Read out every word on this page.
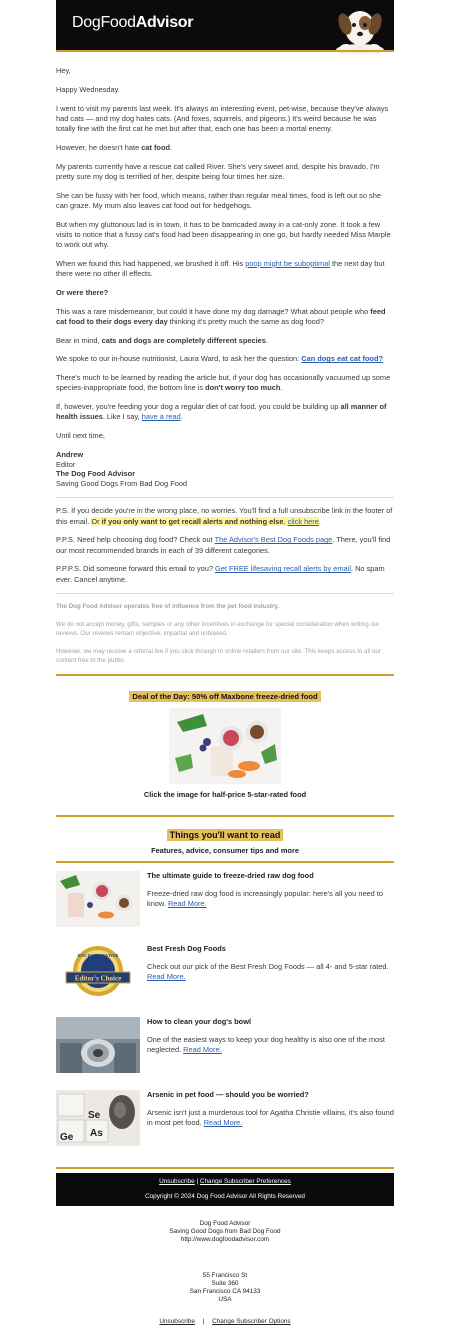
DogFoodAdvisor

Hey,

Happy Wednesday.

I went to visit my parents last week. It's always an interesting event, pet-wise, because they've always had cats — and my dog hates cats. (And foxes, squirrels, and pigeons.) It's weird because he was totally fine with the first cat he met but after that, each one has been a mortal enemy.

However, he doesn't hate cat food.

My parents currently have a rescue cat called River. She's very sweet and, despite his bravado, I'm pretty sure my dog is terrified of her, despite being four times her size.

She can be fussy with her food, which means, rather than regular meal times, food is left out so she can graze. My mum also leaves cat food out for hedgehogs.

But when my gluttonous lad is in town, it has to be barricaded away in a cat-only zone. It took a few visits to notice that a fussy cat's food had been disappearing in one go, but hardly needed Miss Marple to work out why.

When we found this had happened, we brushed it off. His poop might be suboptimal the next day but there were no other ill effects.

Or were there?

This was a rare misdemeanor, but could it have done my dog damage? What about people who feed cat food to their dogs every day thinking it's pretty much the same as dog food?

Bear in mind, cats and dogs are completely different species.

We spoke to our in-house nutritionist, Laura Ward, to ask her the question: Can dogs eat cat food?

There's much to be learned by reading the article but, if your dog has occasionally vacuumed up some species-inappropriate food, the bottom line is don't worry too much.

If, however, you're feeding your dog a regular diet of cat food, you could be building up all manner of health issues. Like I say, have a read.

Until next time,

Andrew
Editor
The Dog Food Advisor
Saving Good Dogs From Bad Dog Food

P.S. If you decide you're in the wrong place, no worries. You'll find a full unsubscribe link in the footer of this email. Or if you only want to get recall alerts and nothing else, click here.

P.P.S. Need help choosing dog food? Check out The Advisor's Best Dog Foods page. There, you'll find our most recommended brands in each of 39 different categories.

P.P.P.S. Did someone forward this email to you? Get FREE lifesaving recall alerts by email. No spam ever. Cancel anytime.

The Dog Food Advisor operates free of influence from the pet food industry.

We do not accept money, gifts, samples or any other incentives in exchange for special consideration when writing our reviews. Our reviews remain objective, impartial and unbiased.

However, we may receive a referral fee if you click through to online retailers from our site. This keeps access to all our content free to the public.

Deal of the Day: 50% off Maxbone freeze-dried food
Click the image for half-price 5-star-rated food
Things you'll want to read
Features, advice, consumer tips and more
The ultimate guide to freeze-dried raw dog food
Freeze-dried raw dog food is increasingly popular: here's all you need to know. Read More.
DOG FOOD ADVISOR
Editor's Choice
Best Fresh Dog Foods
Check out our pick of the Best Fresh Dog Foods — all 4- and 5-star rated. Read More.
How to clean your dog's bowl
One of the easiest ways to keep your dog healthy is also one of the most neglected. Read More.
As
Se
Ge
Arsenic in pet food — should you be worried?
Arsenic isn't just a murderous tool for Agatha Christie villains, it's also found in most pet food. Read More.
Unsubscribe | Change Subscriber Preferences
Copyright © 2024 Dog Food Advisor All Rights Reserved
Dog Food Advisor
Saving Good Dogs from Bad Dog Food
http://www.dogfoodadvisor.com
55 Francisco St
Suite 360
San Francisco CA 94133
USA
Unsubscribe | Change Subscriber Options
